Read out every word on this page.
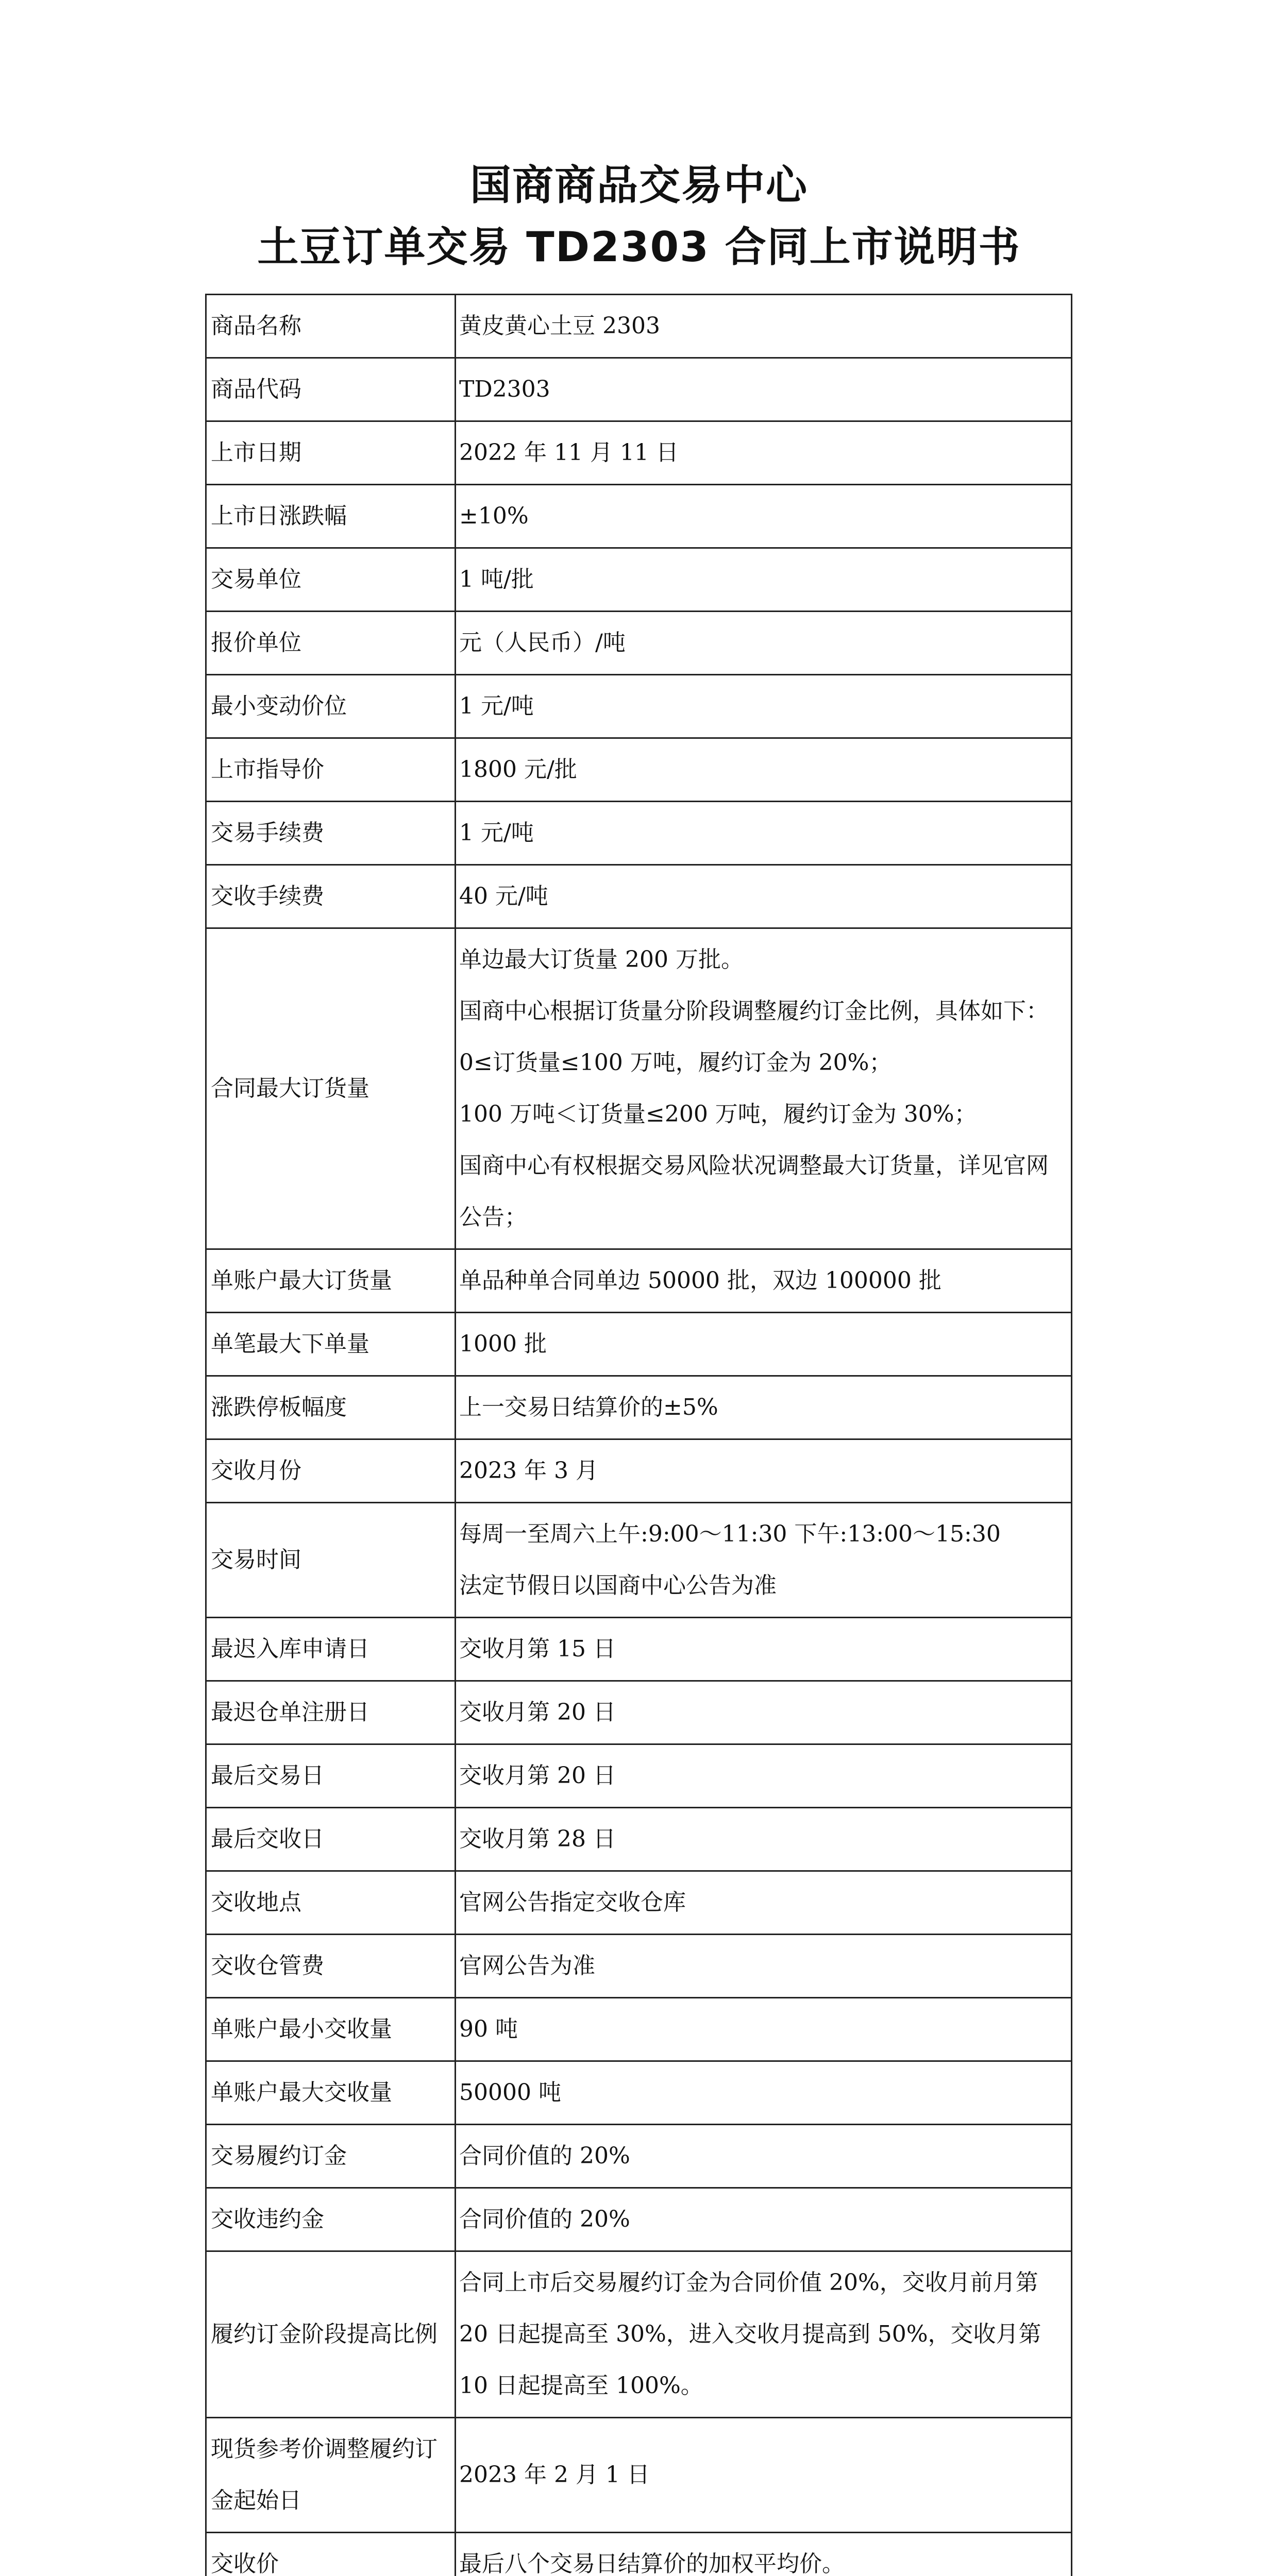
国商商品交易中心
土豆订单交易 TD2303 合同上市说明书
商品名称	黄皮黄心土豆 2303

商品代码	TD2303

上市日期	2022 年 11 月 11 日

上市日涨跌幅	±10%

交易单位	1 吨/批

报价单位	元（人民币）/吨

最小变动价位	1 元/吨

上市指导价	1800 元/批

交易手续费	1 元/吨

交收手续费	40 元/吨

合同最大订货量	单边最大订货量 200 万批。
国商中心根据订货量分阶段调整履约订金比例，具体如下：
0≤订货量≤100 万吨，履约订金为 20%；
100 万吨＜订货量≤200 万吨，履约订金为 30%；
国商中心有权根据交易风险状况调整最大订货量，详见官网公告；

单账户最大订货量	单品种单合同单边 50000 批，双边 100000 批

单笔最大下单量	1000 批

涨跌停板幅度	上一交易日结算价的±5%

交收月份	2023 年 3 月

交易时间	每周一至周六上午:9:00～11:30 下午:13:00～15:30
法定节假日以国商中心公告为准

最迟入库申请日	交收月第 15 日

最迟仓单注册日	交收月第 20 日

最后交易日	交收月第 20 日

最后交收日	交收月第 28 日

交收地点	官网公告指定交收仓库

交收仓管费	官网公告为准

单账户最小交收量	90 吨

单账户最大交收量	50000 吨

交易履约订金	合同价值的 20%

交收违约金	合同价值的 20%

履约订金阶段提高比例	合同上市后交易履约订金为合同价值 20%，交收月前月第 20 日起提高至 30%，进入交收月提高到 50%，交收月第 10 日起提高至 100%。

现货参考价调整履约订金起始日	2023 年 2 月 1 日

交收价	最后八个交易日结算价的加权平均价。
